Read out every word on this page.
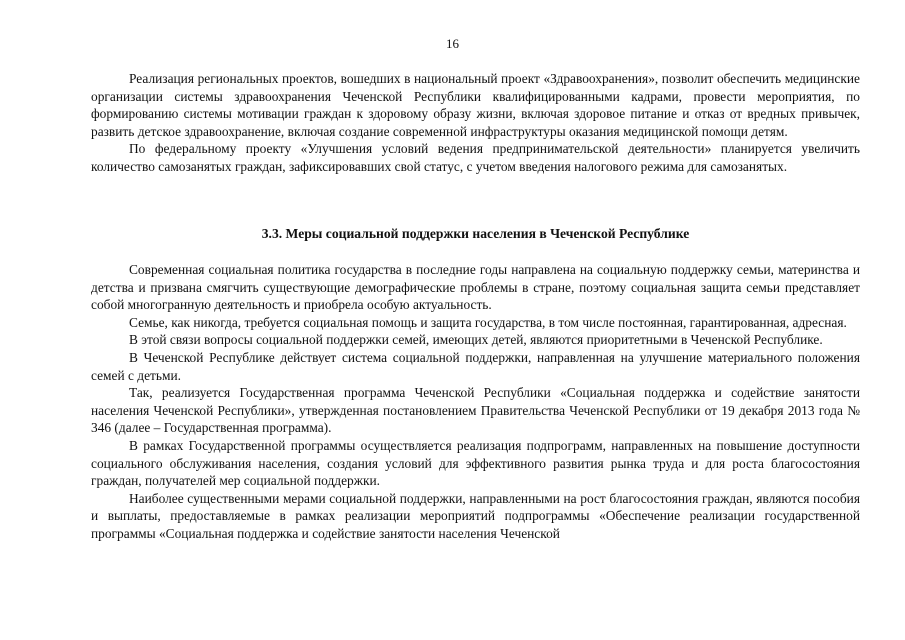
16

Реализация региональных проектов, вошедших в национальный проект «Здравоохранения», позволит обеспечить медицинские организации системы здравоохранения Чеченской Республики квалифицированными кадрами, провести мероприятия, по формированию системы мотивации граждан к здоровому образу жизни, включая здоровое питание и отказ от вредных привычек, развить детское здравоохранение, включая создание современной инфраструктуры оказания медицинской помощи детям.

По федеральному проекту «Улучшения условий ведения предпринимательской деятельности» планируется увеличить количество самозанятых граждан, зафиксировавших свой статус, с учетом введения налогового режима для самозанятых.

3.3. Меры социальной поддержки населения в Чеченской Республике

Современная социальная политика государства в последние годы направлена на социальную поддержку семьи, материнства и детства и призвана смягчить существующие демографические проблемы в стране, поэтому социальная защита семьи представляет собой многогранную деятельность и приобрела особую актуальность.

Семье, как никогда, требуется социальная помощь и защита государства, в том числе постоянная, гарантированная, адресная.

В этой связи вопросы социальной поддержки семей, имеющих детей, являются приоритетными в Чеченской Республике.

В Чеченской Республике действует система социальной поддержки, направленная на улучшение материального положения семей с детьми.

Так, реализуется Государственная программа Чеченской Республики «Социальная поддержка и содействие занятости населения Чеченской Республики», утвержденная постановлением Правительства Чеченской Республики от 19 декабря 2013 года № 346 (далее – Государственная программа).

В рамках Государственной программы осуществляется реализация подпрограмм, направленных на повышение доступности социального обслуживания населения, создания условий для эффективного развития рынка труда и для роста благосостояния граждан, получателей мер социальной поддержки.

Наиболее существенными мерами социальной поддержки, направленными на рост благосостояния граждан, являются пособия и выплаты, предоставляемые в рамках реализации мероприятий подпрограммы «Обеспечение реализации государственной программы «Социальная поддержка и содействие занятости населения Чеченской
